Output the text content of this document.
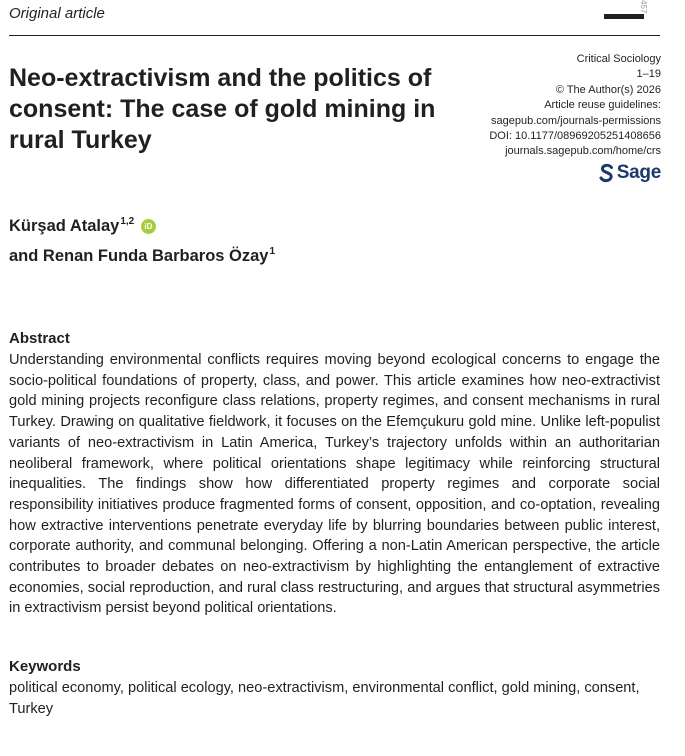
Original article	457
Neo-extractivism and the politics of consent: The case of gold mining in rural Turkey
Critical Sociology
1–19
© The Author(s) 2026
Article reuse guidelines:
sagepub.com/journals-permissions
DOI: 10.1177/08969205251408656
journals.sagepub.com/home/crs
Sage
Kürşad Atalay$^{1,2}$ iD
and Renan Funda Barbaros Özay$^1$
Abstract

Understanding environmental conflicts requires moving beyond ecological concerns to engage the socio-political foundations of property, class, and power. This article examines how neo-extractivist gold mining projects reconfigure class relations, property regimes, and consent mechanisms in rural Turkey. Drawing on qualitative fieldwork, it focuses on the Efemçukuru gold mine. Unlike left-populist variants of neo-extractivism in Latin America, Turkey’s trajectory unfolds within an authoritarian neoliberal framework, where political orientations shape legitimacy while reinforcing structural inequalities. The findings show how differentiated property regimes and corporate social responsibility initiatives produce fragmented forms of consent, opposition, and co-optation, revealing how extractive interventions penetrate everyday life by blurring boundaries between public interest, corporate authority, and communal belonging. Offering a non-Latin American perspective, the article contributes to broader debates on neo-extractivism by highlighting the entanglement of extractive economies, social reproduction, and rural class restructuring, and argues that structural asymmetries in extractivism persist beyond political orientations.

Keywords

political economy, political ecology, neo-extractivism, environmental conflict, gold mining, consent, Turkey
